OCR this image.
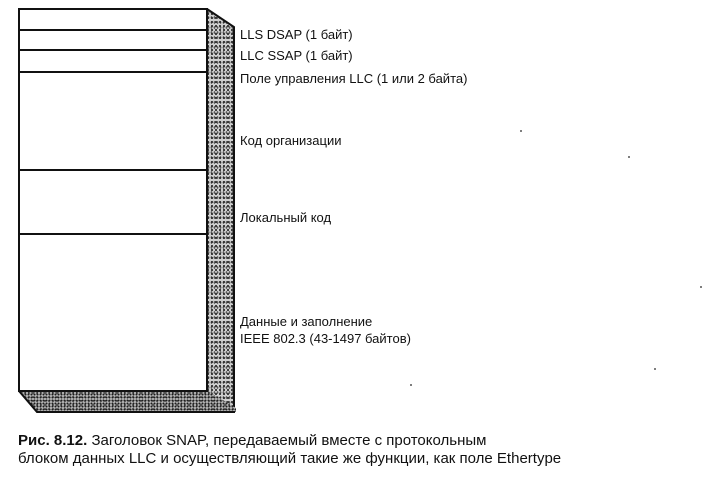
LLS DSAP (1 байт)
LLC SSAP (1 байт)
Поле управления LLC (1 или 2 байта)
Код организации
Локальный код
Данные и заполнение
IEEE 802.3 (43-1497 байтов)
Рис. 8.12. Заголовок SNAP, передаваемый вместе с протокольным
блоком данных LLC и осуществляющий такие же функции, как поле Ethertype
